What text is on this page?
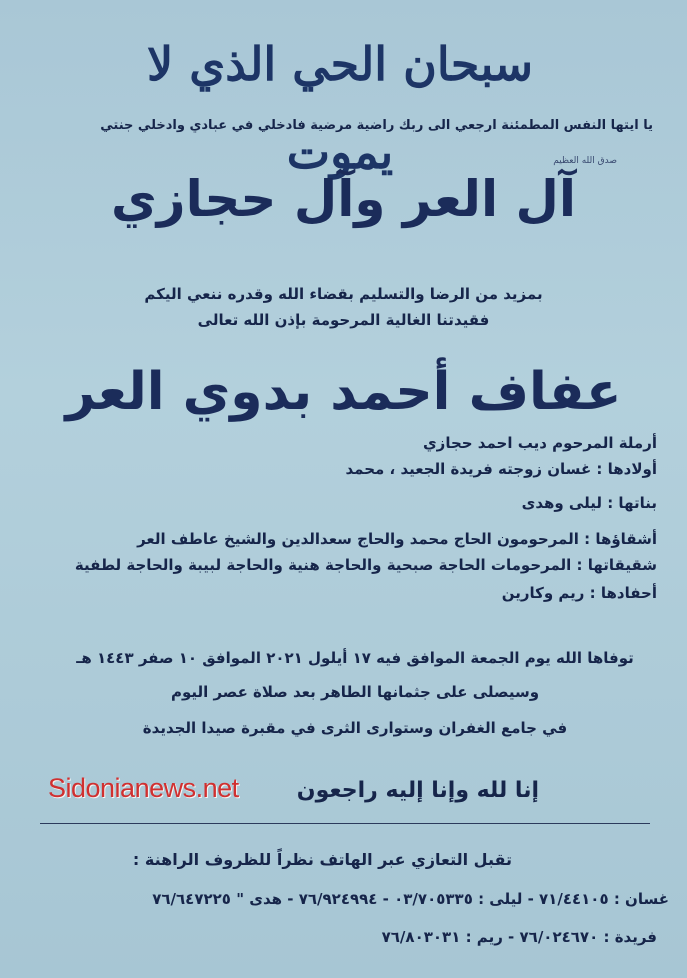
سبحان الحي الذي لا يموت
يا ايتها النفس المطمئنة ارجعي الى ربك راضية مرضية فادخلي في عبادي وادخلي جنتي
صدق الله العظيم
آل العر وآل حجازي
بمزيد من الرضا والتسليم بقضاء الله وقدره ننعي اليكم
فقيدتنا الغالية المرحومة بإذن الله تعالى
عفاف أحمد بدوي العر
أرملة المرحوم ديب احمد حجازي
أولادها : غسان زوجته فريدة الجعيد ، محمد
بناتها : ليلى وهدى
أشقاؤها : المرحومون الحاج محمد والحاج سعدالدين والشيخ عاطف العر
شقيقاتها : المرحومات الحاجة صبحية والحاجة هنية والحاجة لبيبة والحاجة لطفية
أحفادها : ريم وكارين
توفاها الله يوم الجمعة الموافق فيه ١٧ أيلول ٢٠٢١ الموافق ١٠ صفر ١٤٤٣ هـ
وسيصلى على جثمانها الطاهر بعد صلاة عصر اليوم
في جامع الغفران وستوارى الثرى في مقبرة صيدا الجديدة
Sidonianews.net	إنا لله وإنا إليه راجعون
تقبل التعازي عبر الهاتف نظراً للظروف الراهنة :
غسان : ٧١/٤٤١٠٥ - ليلى : ٠٣/٧٠٥٣٣٥ - ٧٦/٩٢٤٩٩٤ - هدى " ٧٦/٦٤٧٢٢٥
فريدة : ٧٦/٠٢٤٦٧٠ - ريم : ٧٦/٨٠٣٠٣١
